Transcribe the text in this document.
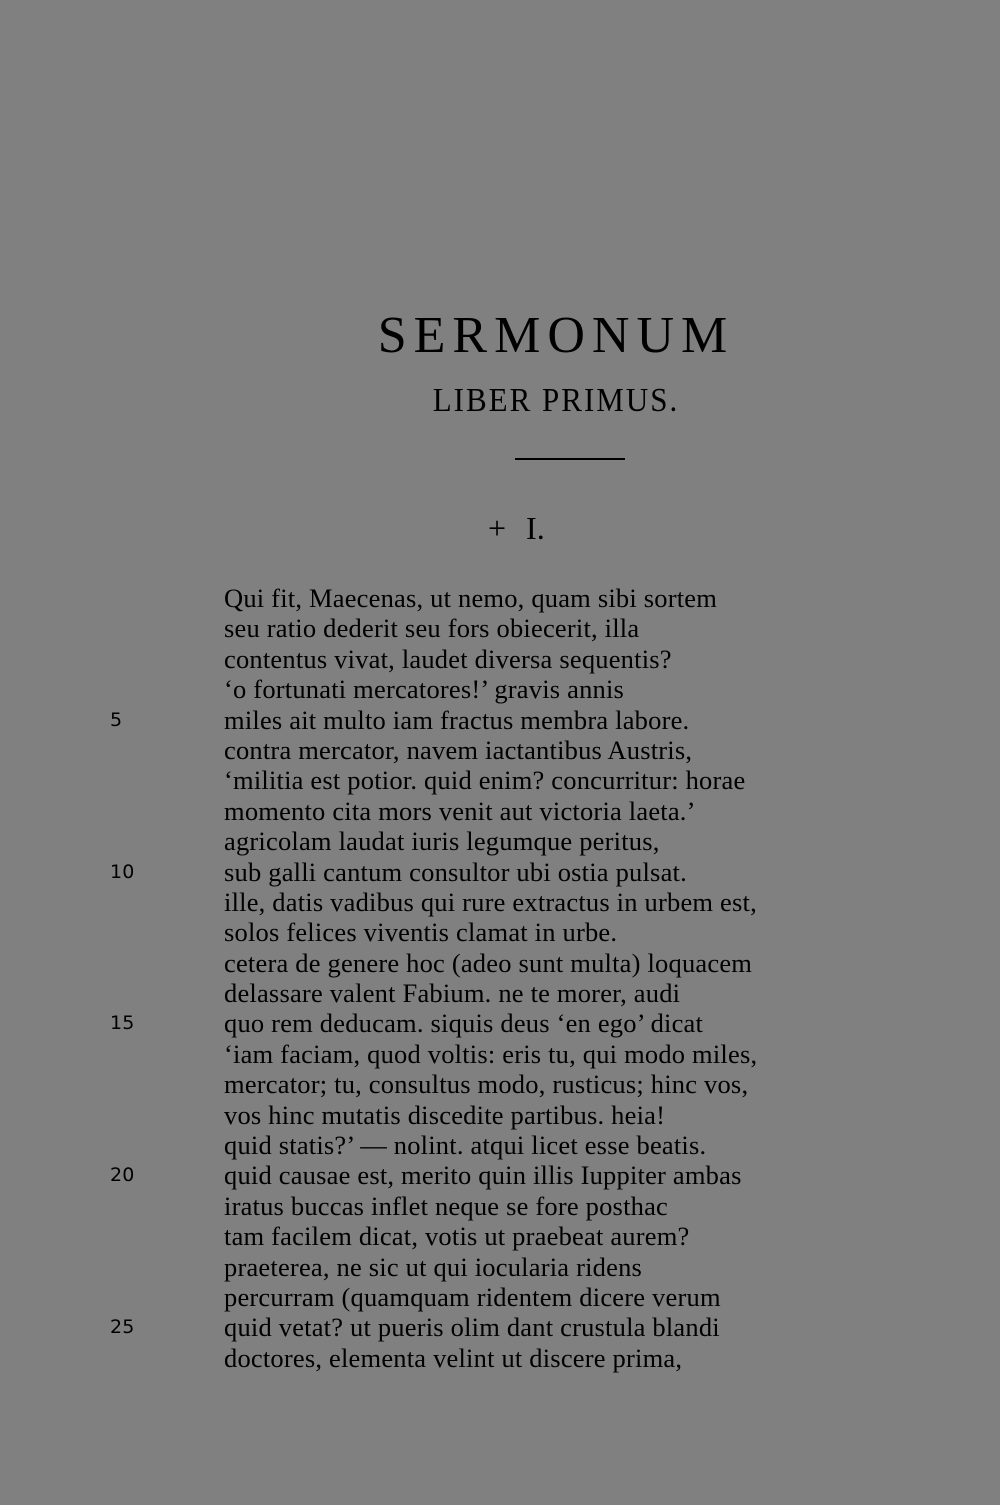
SERMONUM
LIBER PRIMUS.
+ I.
Qui fit, Maecenas, ut nemo, quam sibi sortem
seu ratio dederit seu fors obiecerit, illa
contentus vivat, laudet diversa sequentis?
‘o fortunati mercatores!’ gravis annis
5	miles ait multo iam fractus membra labore.
contra mercator, navem iactantibus Austris,
‘militia est potior. quid enim? concurritur: horae
momento cita mors venit aut victoria laeta.’
agricolam laudat iuris legumque peritus,
10	sub galli cantum consultor ubi ostia pulsat.
ille, datis vadibus qui rure extractus in urbem est,
solos felices viventis clamat in urbe.
cetera de genere hoc (adeo sunt multa) loquacem
delassare valent Fabium. ne te morer, audi
15	quo rem deducam. siquis deus ‘en ego’ dicat
‘iam faciam, quod voltis: eris tu, qui modo miles,
mercator; tu, consultus modo, rusticus; hinc vos,
vos hinc mutatis discedite partibus. heia!
quid statis?’ — nolint. atqui licet esse beatis.
20	quid causae est, merito quin illis Iuppiter ambas
iratus buccas inflet neque se fore posthac
tam facilem dicat, votis ut praebeat aurem?
praeterea, ne sic ut qui iocularia ridens
percurram (quamquam ridentem dicere verum
25	quid vetat? ut pueris olim dant crustula blandi
doctores, elementa velint ut discere prima,
